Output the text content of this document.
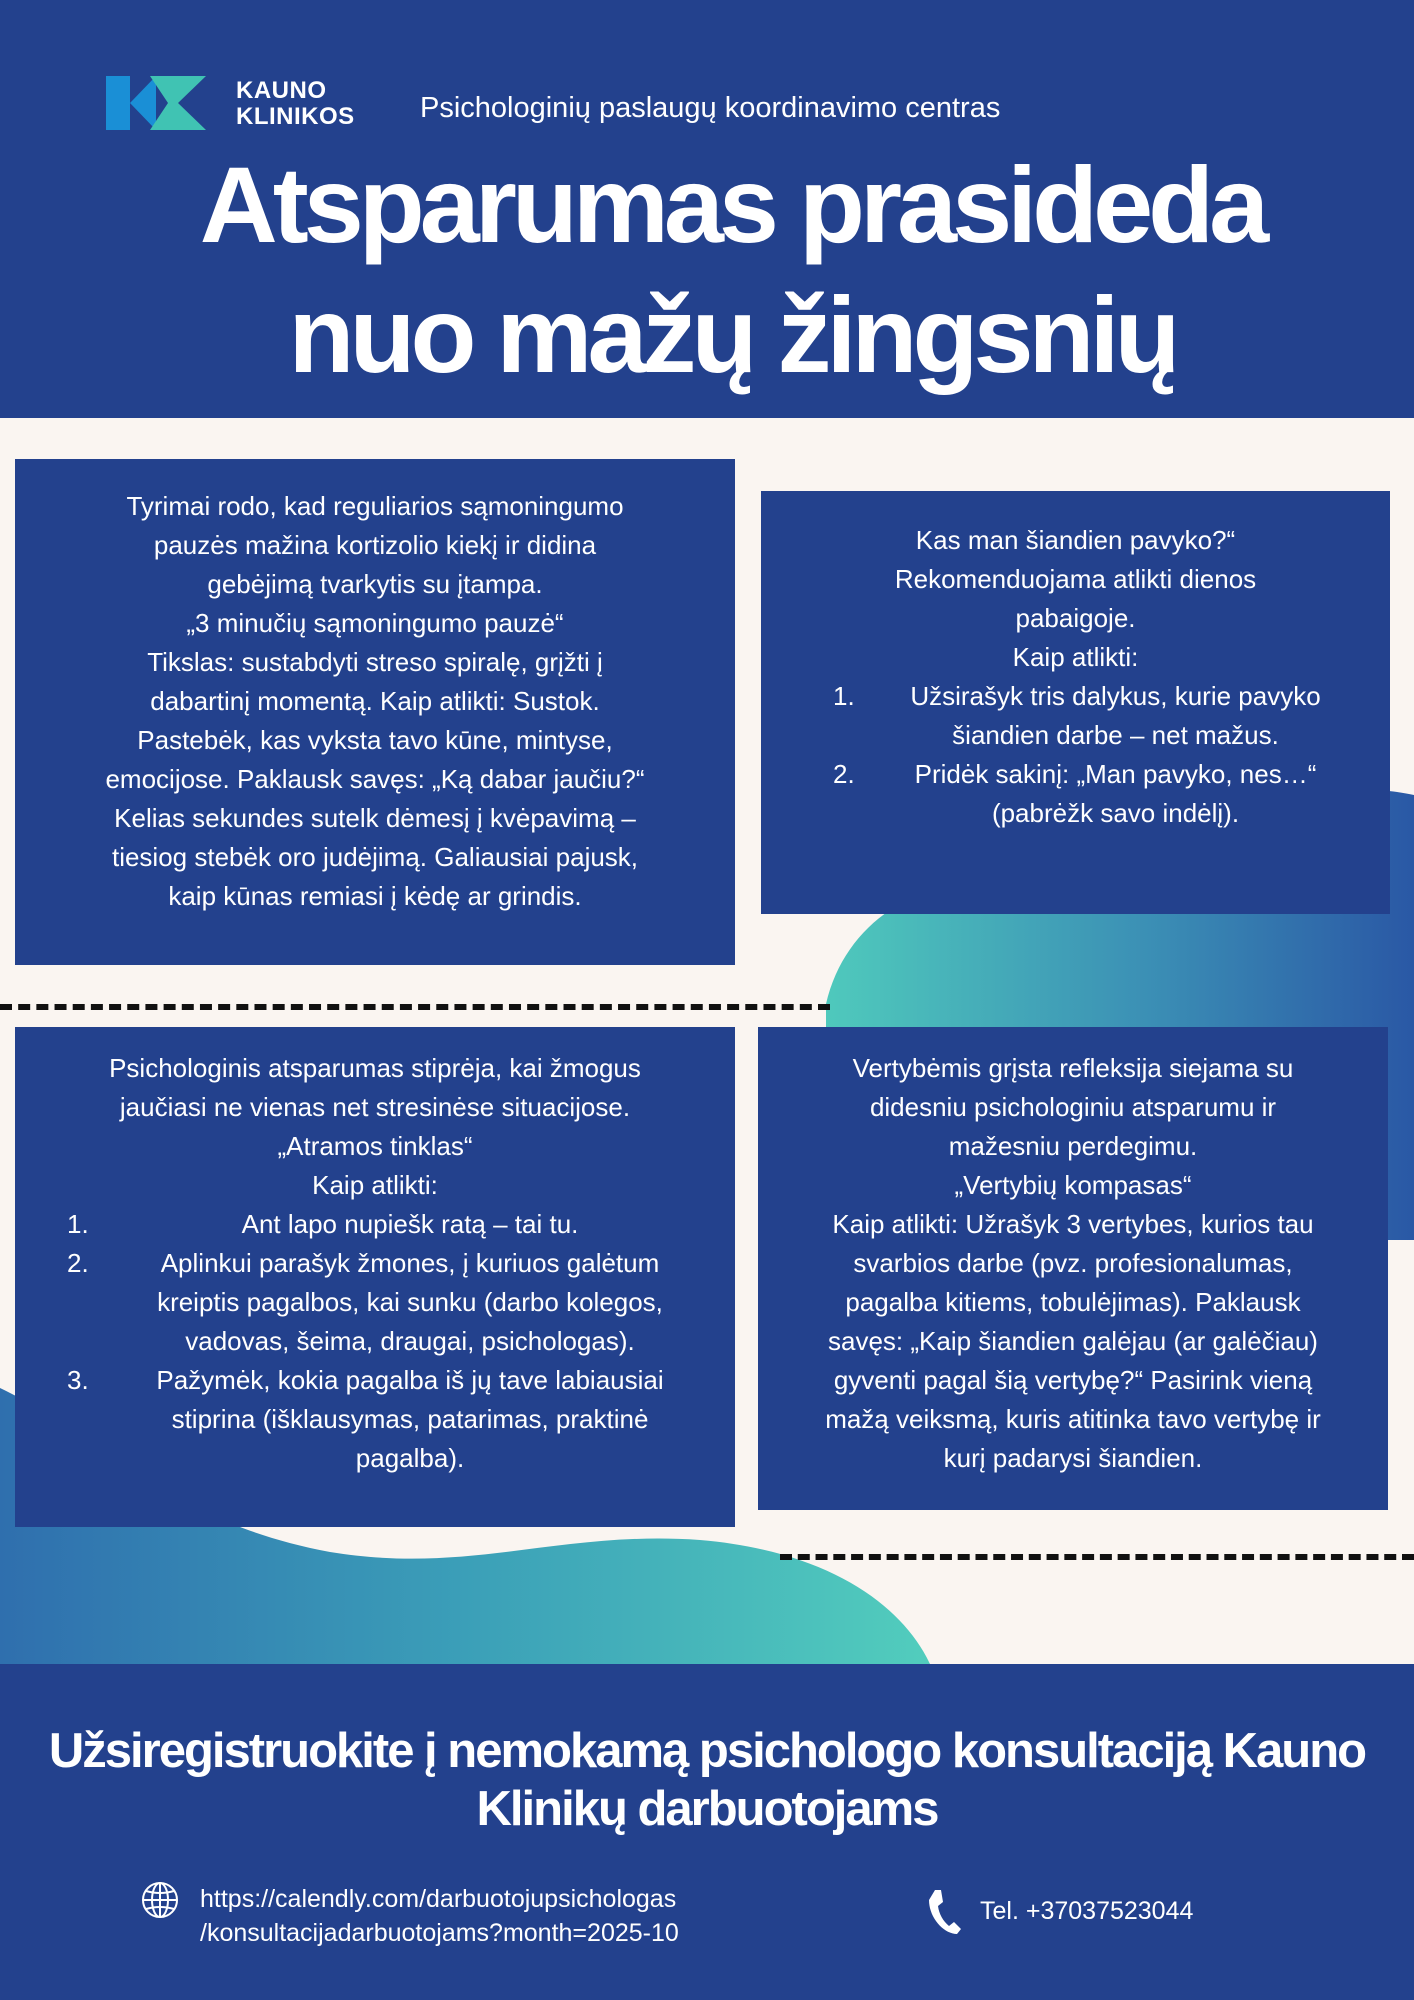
KAUNO
KLINIKOS	Psichologinių paslaugų koordinavimo centras
Atsparumas prasideda
nuo mažų žingsnių

Tyrimai rodo, kad reguliarios sąmoningumo

pauzės mažina kortizolio kiekį ir didina

gebėjimą tvarkytis su įtampa.

„3 minučių sąmoningumo pauzė“

Tikslas: sustabdyti streso spiralę, grįžti į

dabartinį momentą. Kaip atlikti: Sustok.

Pastebėk, kas vyksta tavo kūne, mintyse,

emocijose. Paklausk savęs: „Ką dabar jaučiu?“

Kelias sekundes sutelk dėmesį į kvėpavimą –

tiesiog stebėk oro judėjimą. Galiausiai pajusk,

kaip kūnas remiasi į kėdę ar grindis.

Kas man šiandien pavyko?“

Rekomenduojama atlikti dienos

pabaigoje.

Kaip atlikti:

1.	Užsirašyk tris dalykus, kurie pavyko

šiandien darbe – net mažus.

2.	Pridėk sakinį: „Man pavyko, nes…“

(pabrėžk savo indėlį).

Psichologinis atsparumas stiprėja, kai žmogus

jaučiasi ne vienas net stresinėse situacijose.

„Atramos tinklas“

Kaip atlikti:

1.	Ant lapo nupiešk ratą – tai tu.

2.	Aplinkui parašyk žmones, į kuriuos galėtum

kreiptis pagalbos, kai sunku (darbo kolegos,

vadovas, šeima, draugai, psichologas).

3.	Pažymėk, kokia pagalba iš jų tave labiausiai

stiprina (išklausymas, patarimas, praktinė

pagalba).

Vertybėmis grįsta refleksija siejama su

didesniu psichologiniu atsparumu ir

mažesniu perdegimu.

„Vertybių kompasas“

Kaip atlikti: Užrašyk 3 vertybes, kurios tau

svarbios darbe (pvz. profesionalumas,

pagalba kitiems, tobulėjimas). Paklausk

savęs: „Kaip šiandien galėjau (ar galėčiau)

gyventi pagal šią vertybę?“ Pasirink vieną

mažą veiksmą, kuris atitinka tavo vertybę ir

kurį padarysi šiandien.

Užsiregistruokite į nemokamą psichologo konsultaciją Kauno
Klinikų darbuotojams
https://calendly.com/darbuotojupsichologas
/konsultacijadarbuotojams?month=2025-10
Tel. +37037523044
